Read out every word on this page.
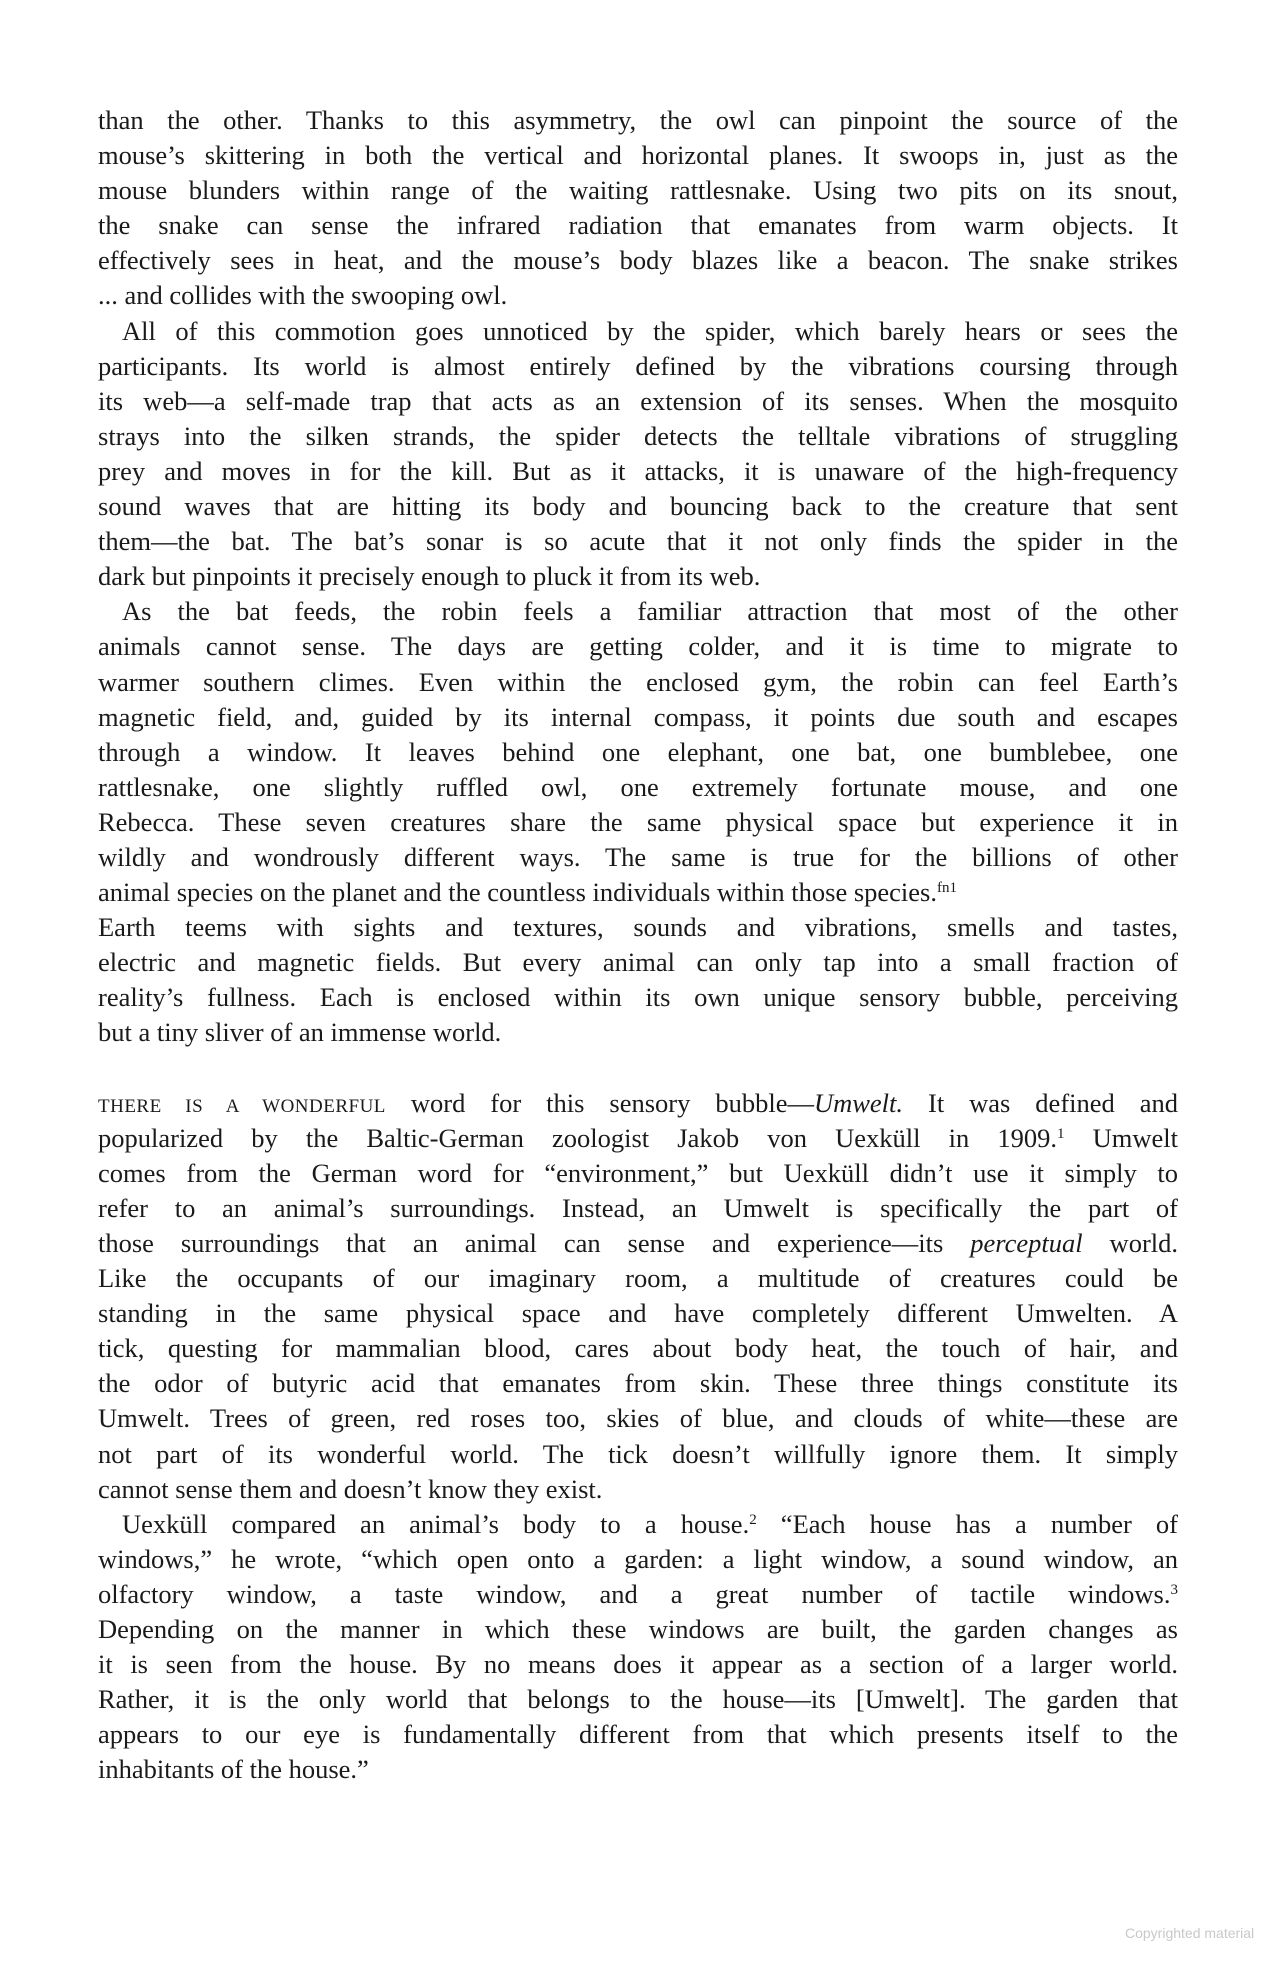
than the other. Thanks to this asymmetry, the owl can pinpoint the source of the
mouse’s skittering in both the vertical and horizontal planes. It swoops in, just as the
mouse blunders within range of the waiting rattlesnake. Using two pits on its snout,
the snake can sense the infrared radiation that emanates from warm objects. It
effectively sees in heat, and the mouse’s body blazes like a beacon. The snake strikes
... and collides with the swooping owl.
All of this commotion goes unnoticed by the spider, which barely hears or sees the
participants. Its world is almost entirely defined by the vibrations coursing through
its web—a self-made trap that acts as an extension of its senses. When the mosquito
strays into the silken strands, the spider detects the telltale vibrations of struggling
prey and moves in for the kill. But as it attacks, it is unaware of the high-frequency
sound waves that are hitting its body and bouncing back to the creature that sent
them—the bat. The bat’s sonar is so acute that it not only finds the spider in the
dark but pinpoints it precisely enough to pluck it from its web.
As the bat feeds, the robin feels a familiar attraction that most of the other
animals cannot sense. The days are getting colder, and it is time to migrate to
warmer southern climes. Even within the enclosed gym, the robin can feel Earth’s
magnetic field, and, guided by its internal compass, it points due south and escapes
through a window. It leaves behind one elephant, one bat, one bumblebee, one
rattlesnake, one slightly ruffled owl, one extremely fortunate mouse, and one
Rebecca. These seven creatures share the same physical space but experience it in
wildly and wondrously different ways. The same is true for the billions of other
animal species on the planet and the countless individuals within those species.$^{fn1}$
Earth teems with sights and textures, sounds and vibrations, smells and tastes,
electric and magnetic fields. But every animal can only tap into a small fraction of
reality’s fullness. Each is enclosed within its own unique sensory bubble, perceiving
but a tiny sliver of an immense world.
THERE IS A WONDERFUL word for this sensory bubble—Umwelt. It was defined and
popularized by the Baltic-German zoologist Jakob von Uexküll in 1909.$^1$ Umwelt
comes from the German word for “environment,” but Uexküll didn’t use it simply to
refer to an animal’s surroundings. Instead, an Umwelt is specifically the part of
those surroundings that an animal can sense and experience—its perceptual world.
Like the occupants of our imaginary room, a multitude of creatures could be
standing in the same physical space and have completely different Umwelten. A
tick, questing for mammalian blood, cares about body heat, the touch of hair, and
the odor of butyric acid that emanates from skin. These three things constitute its
Umwelt. Trees of green, red roses too, skies of blue, and clouds of white—these are
not part of its wonderful world. The tick doesn’t willfully ignore them. It simply
cannot sense them and doesn’t know they exist.
Uexküll compared an animal’s body to a house.$^2$ “Each house has a number of
windows,” he wrote, “which open onto a garden: a light window, a sound window, an
olfactory window, a taste window, and a great number of tactile windows.$^3$
Depending on the manner in which these windows are built, the garden changes as
it is seen from the house. By no means does it appear as a section of a larger world.
Rather, it is the only world that belongs to the house—its [Umwelt]. The garden that
appears to our eye is fundamentally different from that which presents itself to the
inhabitants of the house.”
Copyrighted material
